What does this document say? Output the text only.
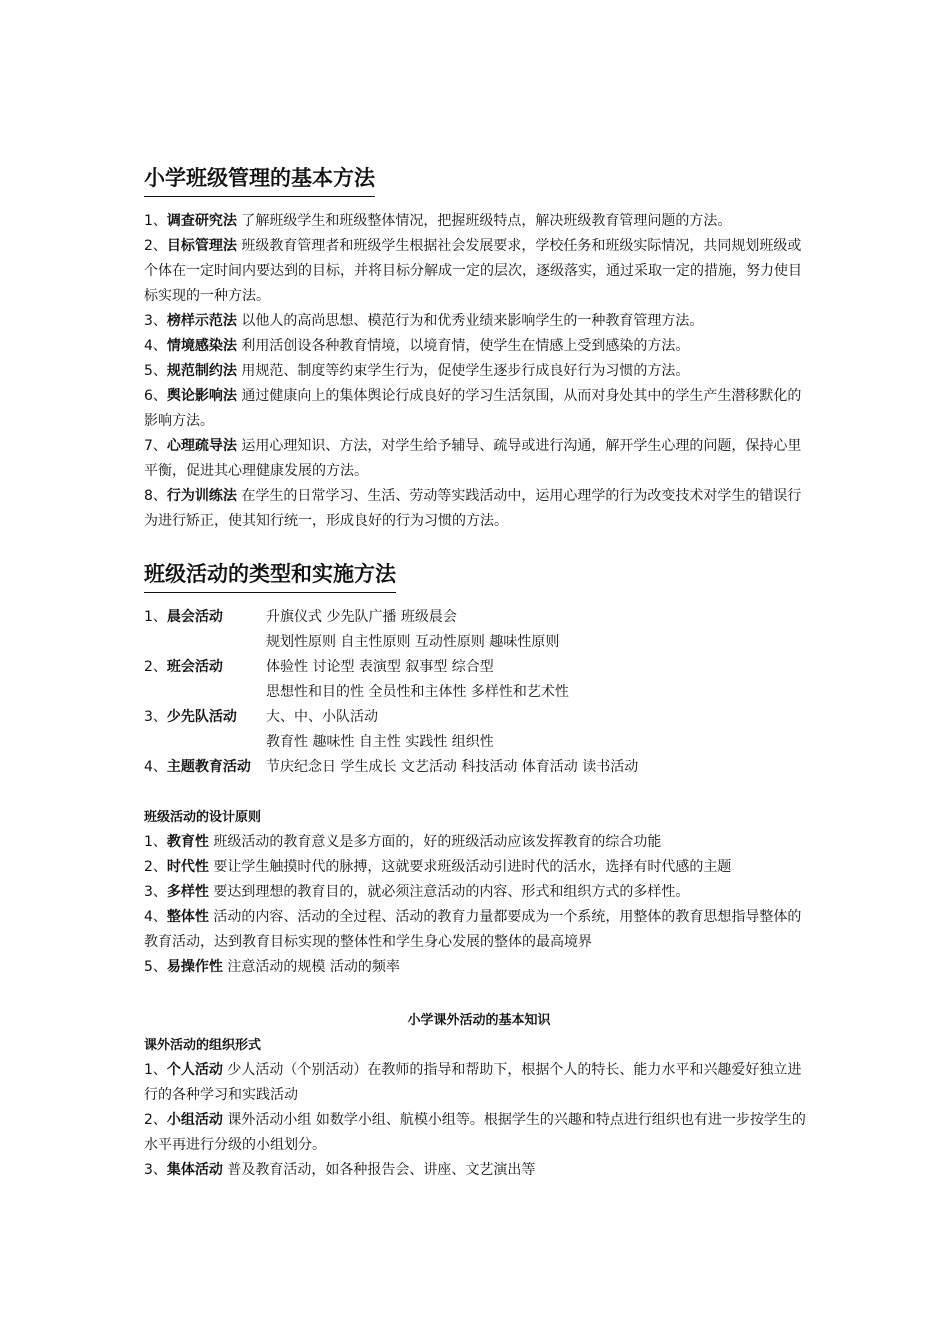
小学班级管理的基本方法

1、调查研究法 了解班级学生和班级整体情况，把握班级特点，解决班级教育管理问题的方法。

2、目标管理法 班级教育管理者和班级学生根据社会发展要求，学校任务和班级实际情况，共同规划班级或个体在一定时间内要达到的目标，并将目标分解成一定的层次，逐级落实，通过采取一定的措施，努力使目标实现的一种方法。

3、榜样示范法 以他人的高尚思想、模范行为和优秀业绩来影响学生的一种教育管理方法。

4、情境感染法 利用活创设各种教育情境，以境育情，使学生在情感上受到感染的方法。

5、规范制约法 用规范、制度等约束学生行为，促使学生逐步行成良好行为习惯的方法。

6、舆论影响法 通过健康向上的集体舆论行成良好的学习生活氛围，从而对身处其中的学生产生潜移默化的影响方法。

7、心理疏导法 运用心理知识、方法，对学生给予辅导、疏导或进行沟通，解开学生心理的问题，保持心里平衡，促进其心理健康发展的方法。

8、行为训练法 在学生的日常学习、生活、劳动等实践活动中，运用心理学的行为改变技术对学生的错误行为进行矫正，使其知行统一，形成良好的行为习惯的方法。

班级活动的类型和实施方法
1、晨会活动	升旗仪式 少先队广播 班级晨会
规划性原则 自主性原则 互动性原则 趣味性原则
2、班会活动	体验性 讨论型 表演型 叙事型 综合型
思想性和目的性 全员性和主体性 多样性和艺术性
3、少先队活动	大、中、小队活动
教育性 趣味性 自主性 实践性 组织性
4、主题教育活动	节庆纪念日 学生成长 文艺活动 科技活动 体育活动 读书活动

班级活动的设计原则

1、教育性 班级活动的教育意义是多方面的，好的班级活动应该发挥教育的综合功能

2、时代性 要让学生触摸时代的脉搏，这就要求班级活动引进时代的活水，选择有时代感的主题

3、多样性 要达到理想的教育目的，就必须注意活动的内容、形式和组织方式的多样性。

4、整体性 活动的内容、活动的全过程、活动的教育力量都要成为一个系统，用整体的教育思想指导整体的教育活动，达到教育目标实现的整体性和学生身心发展的整体的最高境界

5、易操作性 注意活动的规模 活动的频率

小学课外活动的基本知识

课外活动的组织形式

1、个人活动 少人活动（个别活动）在教师的指导和帮助下，根据个人的特长、能力水平和兴趣爱好独立进行的各种学习和实践活动

2、小组活动 课外活动小组 如数学小组、航模小组等。根据学生的兴趣和特点进行组织也有进一步按学生的水平再进行分级的小组划分。

3、集体活动 普及教育活动，如各种报告会、讲座、文艺演出等
